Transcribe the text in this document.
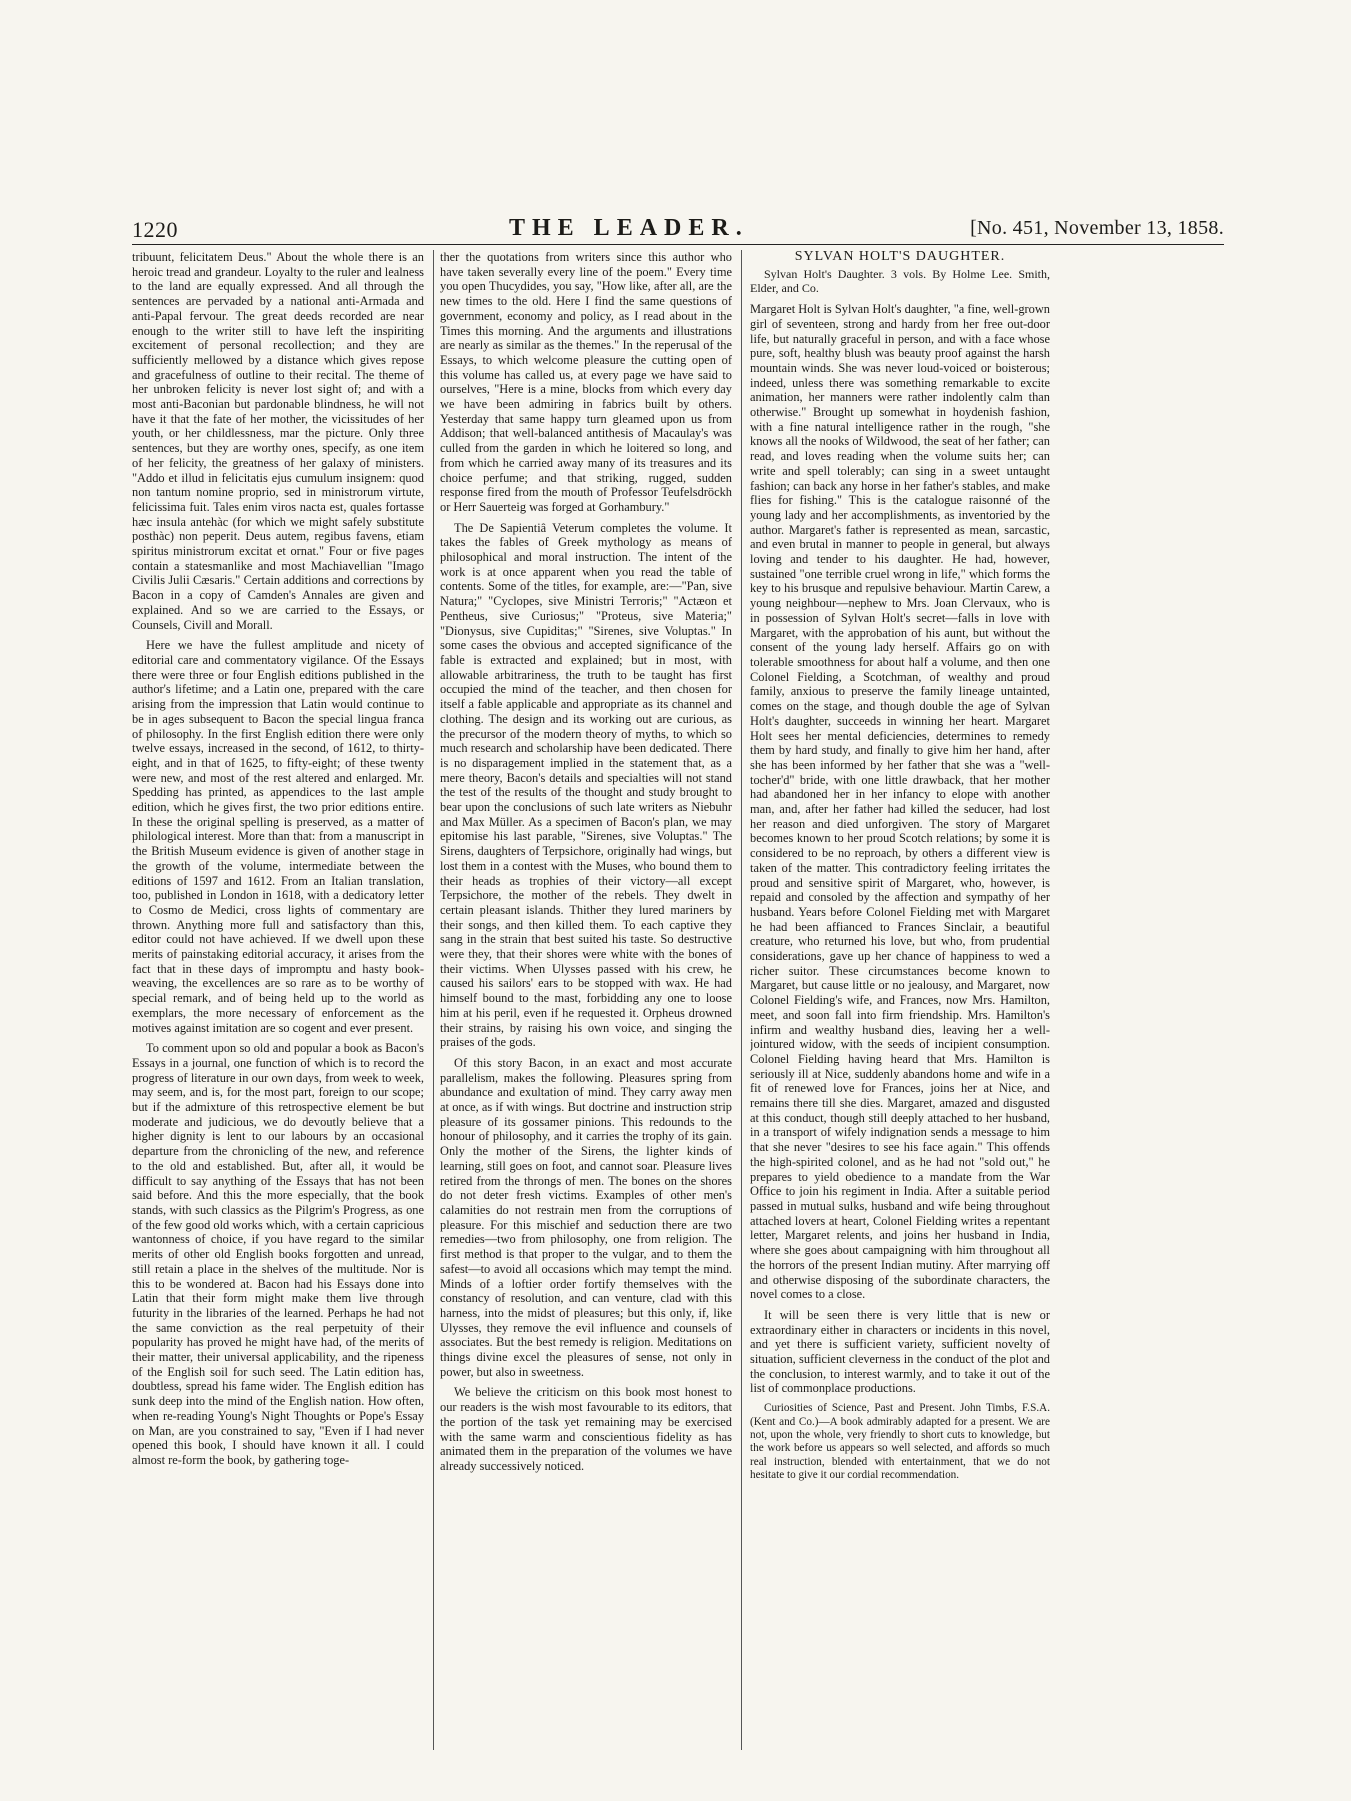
1220	THE LEADER.	[No. 451, November 13, 1858.

tribuunt, felicitatem Deus." About the whole there is an heroic tread and grandeur. Loyalty to the ruler and lealness to the land are equally expressed. And all through the sentences are pervaded by a national anti-Armada and anti-Papal fervour. The great deeds recorded are near enough to the writer still to have left the inspiriting excitement of personal recollection; and they are sufficiently mellowed by a distance which gives repose and gracefulness of outline to their recital. The theme of her unbroken felicity is never lost sight of; and with a most anti-Baconian but pardonable blindness, he will not have it that the fate of her mother, the vicissitudes of her youth, or her childlessness, mar the picture. Only three sentences, but they are worthy ones, specify, as one item of her felicity, the greatness of her galaxy of ministers. "Addo et illud in felicitatis ejus cumulum insignem: quod non tantum nomine proprio, sed in ministrorum virtute, felicissima fuit. Tales enim viros nacta est, quales fortasse hæc insula antehàc (for which we might safely substitute posthàc) non peperit. Deus autem, regibus favens, etiam spiritus ministrorum excitat et ornat." Four or five pages contain a statesmanlike and most Machiavellian "Imago Civilis Julii Cæsaris." Certain additions and corrections by Bacon in a copy of Camden's Annales are given and explained. And so we are carried to the Essays, or Counsels, Civill and Morall.

Here we have the fullest amplitude and nicety of editorial care and commentatory vigilance. Of the Essays there were three or four English editions published in the author's lifetime; and a Latin one, prepared with the care arising from the impression that Latin would continue to be in ages subsequent to Bacon the special lingua franca of philosophy. In the first English edition there were only twelve essays, increased in the second, of 1612, to thirty-eight, and in that of 1625, to fifty-eight; of these twenty were new, and most of the rest altered and enlarged. Mr. Spedding has printed, as appendices to the last ample edition, which he gives first, the two prior editions entire. In these the original spelling is preserved, as a matter of philological interest. More than that: from a manuscript in the British Museum evidence is given of another stage in the growth of the volume, intermediate between the editions of 1597 and 1612. From an Italian translation, too, published in London in 1618, with a dedicatory letter to Cosmo de Medici, cross lights of commentary are thrown. Anything more full and satisfactory than this, editor could not have achieved. If we dwell upon these merits of painstaking editorial accuracy, it arises from the fact that in these days of impromptu and hasty book-weaving, the excellences are so rare as to be worthy of special remark, and of being held up to the world as exemplars, the more necessary of enforcement as the motives against imitation are so cogent and ever present.

To comment upon so old and popular a book as Bacon's Essays in a journal, one function of which is to record the progress of literature in our own days, from week to week, may seem, and is, for the most part, foreign to our scope; but if the admixture of this retrospective element be but moderate and judicious, we do devoutly believe that a higher dignity is lent to our labours by an occasional departure from the chronicling of the new, and reference to the old and established. But, after all, it would be difficult to say anything of the Essays that has not been said before. And this the more especially, that the book stands, with such classics as the Pilgrim's Progress, as one of the few good old works which, with a certain capricious wantonness of choice, if you have regard to the similar merits of other old English books forgotten and unread, still retain a place in the shelves of the multitude. Nor is this to be wondered at. Bacon had his Essays done into Latin that their form might make them live through futurity in the libraries of the learned. Perhaps he had not the same conviction as the real perpetuity of their popularity has proved he might have had, of the merits of their matter, their universal applicability, and the ripeness of the English soil for such seed. The Latin edition has, doubtless, spread his fame wider. The English edition has sunk deep into the mind of the English nation. How often, when re-reading Young's Night Thoughts or Pope's Essay on Man, are you constrained to say, "Even if I had never opened this book, I should have known it all. I could almost re-form the book, by gathering toge-

ther the quotations from writers since this author who have taken severally every line of the poem." Every time you open Thucydides, you say, "How like, after all, are the new times to the old. Here I find the same questions of government, economy and policy, as I read about in the Times this morning. And the arguments and illustrations are nearly as similar as the themes." In the reperusal of the Essays, to which welcome pleasure the cutting open of this volume has called us, at every page we have said to ourselves, "Here is a mine, blocks from which every day we have been admiring in fabrics built by others. Yesterday that same happy turn gleamed upon us from Addison; that well-balanced antithesis of Macaulay's was culled from the garden in which he loitered so long, and from which he carried away many of its treasures and its choice perfume; and that striking, rugged, sudden response fired from the mouth of Professor Teufelsdröckh or Herr Sauerteig was forged at Gorhambury."

The De Sapientiâ Veterum completes the volume. It takes the fables of Greek mythology as means of philosophical and moral instruction. The intent of the work is at once apparent when you read the table of contents. Some of the titles, for example, are:—"Pan, sive Natura;" "Cyclopes, sive Ministri Terroris;" "Actæon et Pentheus, sive Curiosus;" "Proteus, sive Materia;" "Dionysus, sive Cupiditas;" "Sirenes, sive Voluptas." In some cases the obvious and accepted significance of the fable is extracted and explained; but in most, with allowable arbitrariness, the truth to be taught has first occupied the mind of the teacher, and then chosen for itself a fable applicable and appropriate as its channel and clothing. The design and its working out are curious, as the precursor of the modern theory of myths, to which so much research and scholarship have been dedicated. There is no disparagement implied in the statement that, as a mere theory, Bacon's details and specialties will not stand the test of the results of the thought and study brought to bear upon the conclusions of such late writers as Niebuhr and Max Müller. As a specimen of Bacon's plan, we may epitomise his last parable, "Sirenes, sive Voluptas." The Sirens, daughters of Terpsichore, originally had wings, but lost them in a contest with the Muses, who bound them to their heads as trophies of their victory—all except Terpsichore, the mother of the rebels. They dwelt in certain pleasant islands. Thither they lured mariners by their songs, and then killed them. To each captive they sang in the strain that best suited his taste. So destructive were they, that their shores were white with the bones of their victims. When Ulysses passed with his crew, he caused his sailors' ears to be stopped with wax. He had himself bound to the mast, forbidding any one to loose him at his peril, even if he requested it. Orpheus drowned their strains, by raising his own voice, and singing the praises of the gods.

Of this story Bacon, in an exact and most accurate parallelism, makes the following. Pleasures spring from abundance and exultation of mind. They carry away men at once, as if with wings. But doctrine and instruction strip pleasure of its gossamer pinions. This redounds to the honour of philosophy, and it carries the trophy of its gain. Only the mother of the Sirens, the lighter kinds of learning, still goes on foot, and cannot soar. Pleasure lives retired from the throngs of men. The bones on the shores do not deter fresh victims. Examples of other men's calamities do not restrain men from the corruptions of pleasure. For this mischief and seduction there are two remedies—two from philosophy, one from religion. The first method is that proper to the vulgar, and to them the safest—to avoid all occasions which may tempt the mind. Minds of a loftier order fortify themselves with the constancy of resolution, and can venture, clad with this harness, into the midst of pleasures; but this only, if, like Ulysses, they remove the evil influence and counsels of associates. But the best remedy is religion. Meditations on things divine excel the pleasures of sense, not only in power, but also in sweetness.

We believe the criticism on this book most honest to our readers is the wish most favourable to its editors, that the portion of the task yet remaining may be exercised with the same warm and conscientious fidelity as has animated them in the preparation of the volumes we have already successively noticed.

SYLVAN HOLT'S DAUGHTER.

Sylvan Holt's Daughter. 3 vols. By Holme Lee. Smith, Elder, and Co.

Margaret Holt is Sylvan Holt's daughter, "a fine, well-grown girl of seventeen, strong and hardy from her free out-door life, but naturally graceful in person, and with a face whose pure, soft, healthy blush was beauty proof against the harsh mountain winds. She was never loud-voiced or boisterous; indeed, unless there was something remarkable to excite animation, her manners were rather indolently calm than otherwise." Brought up somewhat in hoydenish fashion, with a fine natural intelligence rather in the rough, "she knows all the nooks of Wildwood, the seat of her father; can read, and loves reading when the volume suits her; can write and spell tolerably; can sing in a sweet untaught fashion; can back any horse in her father's stables, and make flies for fishing." This is the catalogue raisonné of the young lady and her accomplishments, as inventoried by the author. Margaret's father is represented as mean, sarcastic, and even brutal in manner to people in general, but always loving and tender to his daughter. He had, however, sustained "one terrible cruel wrong in life," which forms the key to his brusque and repulsive behaviour. Martin Carew, a young neighbour—nephew to Mrs. Joan Clervaux, who is in possession of Sylvan Holt's secret—falls in love with Margaret, with the approbation of his aunt, but without the consent of the young lady herself. Affairs go on with tolerable smoothness for about half a volume, and then one Colonel Fielding, a Scotchman, of wealthy and proud family, anxious to preserve the family lineage untainted, comes on the stage, and though double the age of Sylvan Holt's daughter, succeeds in winning her heart. Margaret Holt sees her mental deficiencies, determines to remedy them by hard study, and finally to give him her hand, after she has been informed by her father that she was a "well-tocher'd" bride, with one little drawback, that her mother had abandoned her in her infancy to elope with another man, and, after her father had killed the seducer, had lost her reason and died unforgiven. The story of Margaret becomes known to her proud Scotch relations; by some it is considered to be no reproach, by others a different view is taken of the matter. This contradictory feeling irritates the proud and sensitive spirit of Margaret, who, however, is repaid and consoled by the affection and sympathy of her husband. Years before Colonel Fielding met with Margaret he had been affianced to Frances Sinclair, a beautiful creature, who returned his love, but who, from prudential considerations, gave up her chance of happiness to wed a richer suitor. These circumstances become known to Margaret, but cause little or no jealousy, and Margaret, now Colonel Fielding's wife, and Frances, now Mrs. Hamilton, meet, and soon fall into firm friendship. Mrs. Hamilton's infirm and wealthy husband dies, leaving her a well-jointured widow, with the seeds of incipient consumption. Colonel Fielding having heard that Mrs. Hamilton is seriously ill at Nice, suddenly abandons home and wife in a fit of renewed love for Frances, joins her at Nice, and remains there till she dies. Margaret, amazed and disgusted at this conduct, though still deeply attached to her husband, in a transport of wifely indignation sends a message to him that she never "desires to see his face again." This offends the high-spirited colonel, and as he had not "sold out," he prepares to yield obedience to a mandate from the War Office to join his regiment in India. After a suitable period passed in mutual sulks, husband and wife being throughout attached lovers at heart, Colonel Fielding writes a repentant letter, Margaret relents, and joins her husband in India, where she goes about campaigning with him throughout all the horrors of the present Indian mutiny. After marrying off and otherwise disposing of the subordinate characters, the novel comes to a close.

It will be seen there is very little that is new or extraordinary either in characters or incidents in this novel, and yet there is sufficient variety, sufficient novelty of situation, sufficient cleverness in the conduct of the plot and the conclusion, to interest warmly, and to take it out of the list of commonplace productions.

Curiosities of Science, Past and Present. John Timbs, F.S.A. (Kent and Co.)—A book admirably adapted for a present. We are not, upon the whole, very friendly to short cuts to knowledge, but the work before us appears so well selected, and affords so much real instruction, blended with entertainment, that we do not hesitate to give it our cordial recommendation.
